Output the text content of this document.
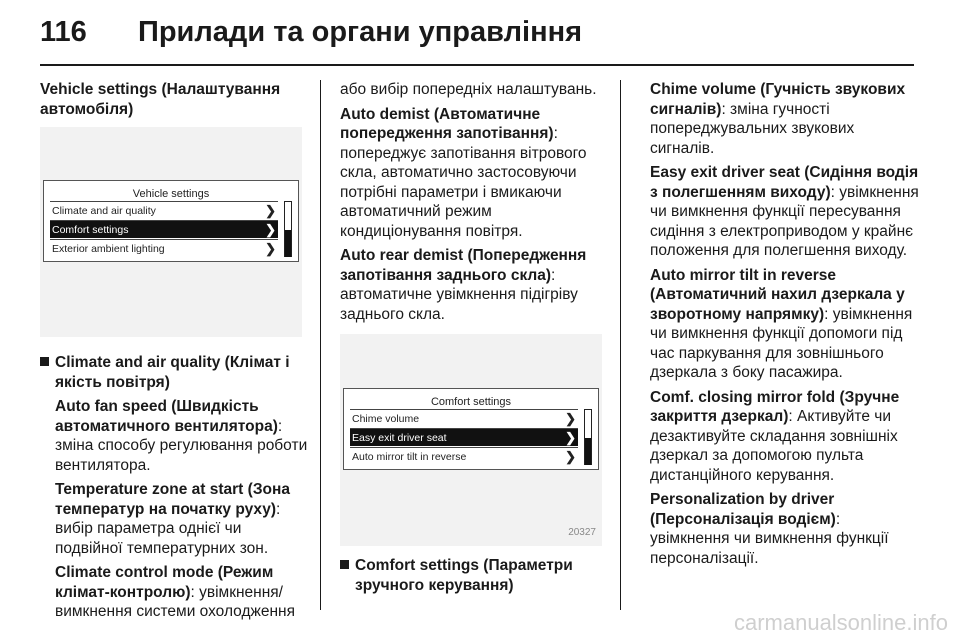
116 Прилади та органи управління
Vehicle settings (Налаштування автомобіля)
Vehicle settings
Climate and air quality	❯
Comfort settings	❯
Exterior ambient lighting	❯
Climate and air quality (Клімат і якість повітря)
Auto fan speed (Швидкість автоматичного вентилятора): зміна способу регулювання роботи вентилятора.
Temperature zone at start (Зона температур на початку руху): вибір параметра однієї чи подвійної температурних зон.
Climate control mode (Режим клімат-контролю): увімкнення/ вимкнення системи охолодження
або вибір попередніх налаштувань.
Auto demist (Автоматичне попередження запотівання): попереджує запотівання вітрового скла, автоматично застосовуючи потрібні параметри і вмикаючи автоматичний режим кондиціонування повітря.
Auto rear demist (Попередження запотівання заднього скла): автоматичне увімкнення підігріву заднього скла.
Comfort settings
Chime volume	❯
Easy exit driver seat	❯
Auto mirror tilt in reverse	❯
20327
Comfort settings (Параметри зручного керування)
Chime volume (Гучність звукових сигналів): зміна гучності попереджувальних звукових сигналів.
Easy exit driver seat (Сидіння водія з полегшенням виходу): увімкнення чи вимкнення функції пересування сидіння з електроприводом у крайнє положення для полегшення виходу.
Auto mirror tilt in reverse (Автоматичний нахил дзеркала у зворотному напрямку): увімкнення чи вимкнення функції допомоги під час паркування для зовнішнього дзеркала з боку пасажира.
Comf. closing mirror fold (Зручне закриття дзеркал): Активуйте чи дезактивуйте складання зовнішніх дзеркал за допомогою пульта дистанційного керування.
Personalization by driver (Персоналізація водієм): увімкнення чи вимкнення функції персоналізації.
carmanualsonline.info
